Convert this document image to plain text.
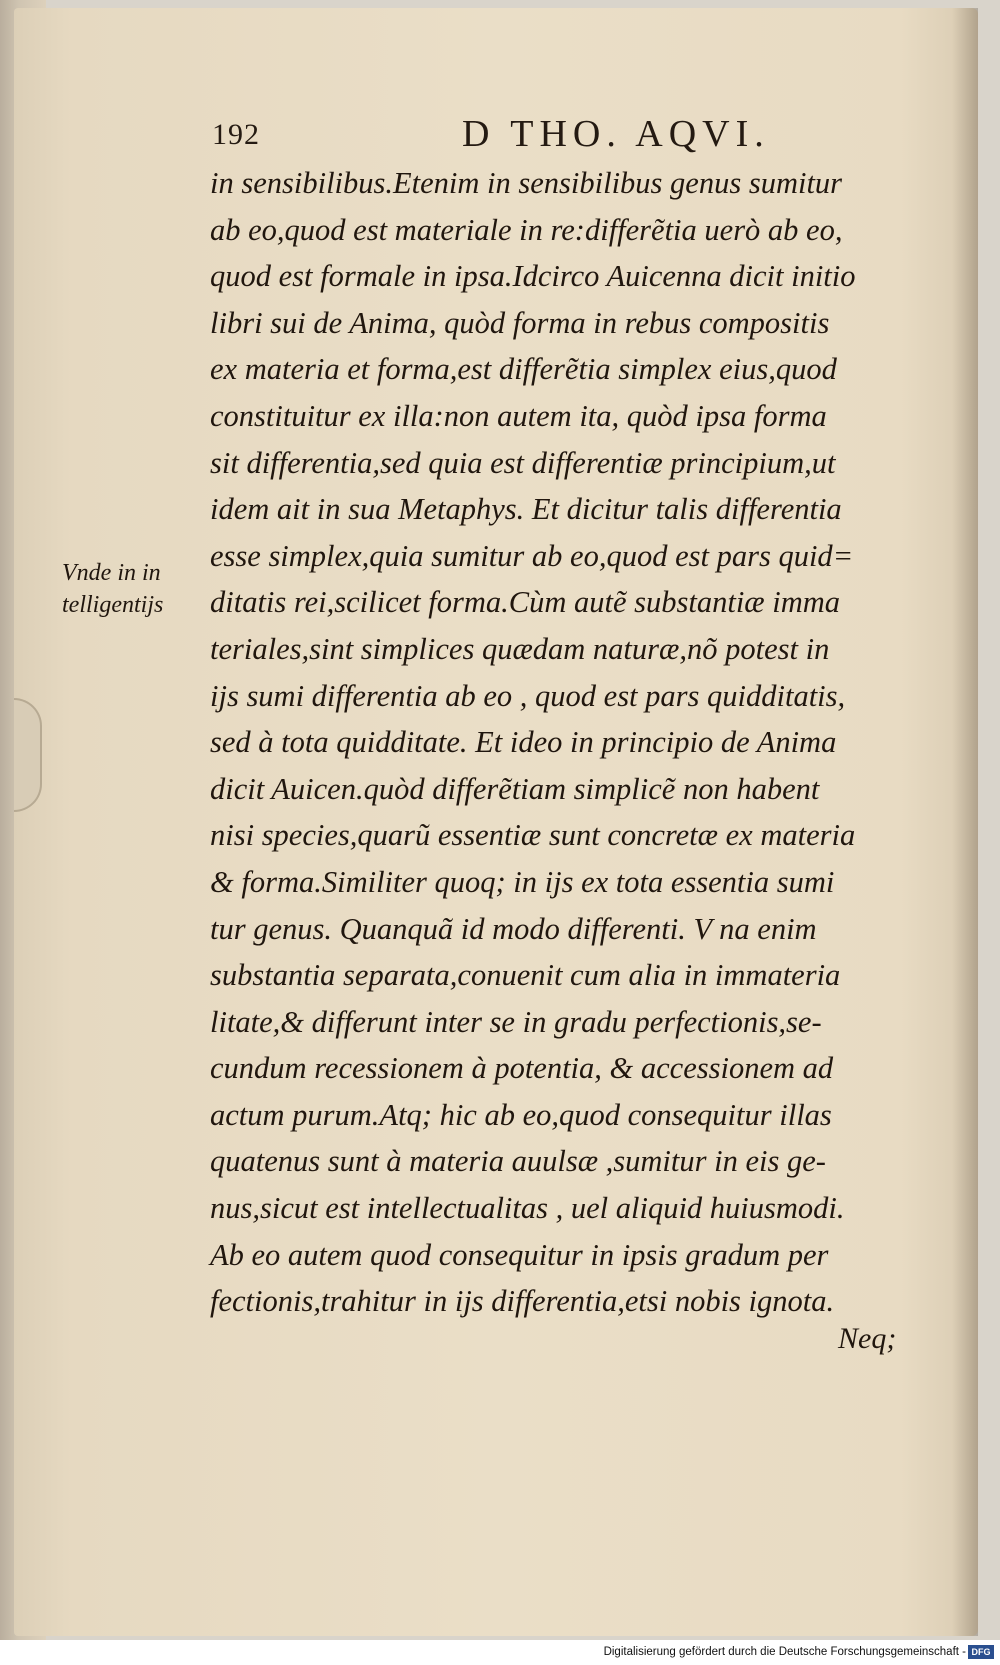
192	D THO. AQVI.
Vnde in in
telligentijs
in sensibilibus.Etenim in sensibilibus genus sumitur
ab eo,quod est materiale in re:differẽtia uerò ab eo,
quod est formale in ipsa.Idcirco Auicenna dicit initio
libri sui de Anima, quòd forma in rebus compositis
ex materia et forma,est differẽtia simplex eius,quod
constituitur ex illa:non autem ita, quòd ipsa forma
sit differentia,sed quia est differentiæ principium,ut
idem ait in sua Metaphys. Et dicitur talis differentia
esse simplex,quia sumitur ab eo,quod est pars quid=
ditatis rei,scilicet forma.Cùm autẽ substantiæ imma
teriales,sint simplices quædam naturæ,nõ potest in
ijs sumi differentia ab eo , quod est pars quidditatis,
sed à tota quidditate. Et ideo in principio de Anima
dicit Auicen.quòd differẽtiam simplicẽ non habent
nisi species,quarũ essentiæ sunt concretæ ex materia
& forma.Similiter quoq; in ijs ex tota essentia sumi
tur genus. Quanquã id modo differenti. V na enim
substantia separata,conuenit cum alia in immateria
litate,& differunt inter se in gradu perfectionis,se-
cundum recessionem à potentia, & accessionem ad
actum purum.Atq; hic ab eo,quod consequitur illas
quatenus sunt à materia auulsæ ,sumitur in eis ge-
nus,sicut est intellectualitas , uel aliquid huiusmodi.
Ab eo autem quod consequitur in ipsis gradum per
fectionis,trahitur in ijs differentia,etsi nobis ignota.
Neq;
Digitalisierung gefördert durch die Deutsche Forschungsgemeinschaft - DFG
